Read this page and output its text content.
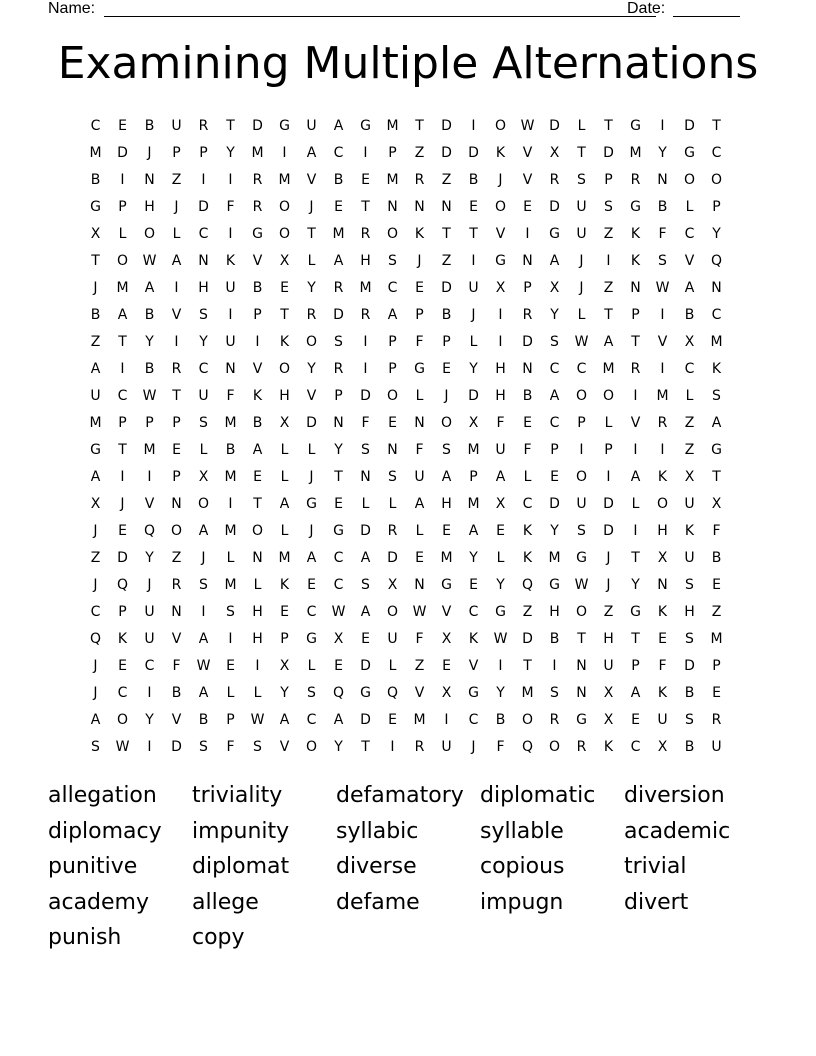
Name:	Date:
Examining Multiple Alternations
C	E	B	U	R	T	D	G	U	A	G	M	T	D	I	O	W	D	L	T	G	I	D	T
M	D	J	P	P	Y	M	I	A	C	I	P	Z	D	D	K	V	X	T	D	M	Y	G	C
B	I	N	Z	I	I	R	M	V	B	E	M	R	Z	B	J	V	R	S	P	R	N	O	O
G	P	H	J	D	F	R	O	J	E	T	N	N	N	E	O	E	D	U	S	G	B	L	P
X	L	O	L	C	I	G	O	T	M	R	O	K	T	T	V	I	G	U	Z	K	F	C	Y
T	O	W	A	N	K	V	X	L	A	H	S	J	Z	I	G	N	A	J	I	K	S	V	Q
J	M	A	I	H	U	B	E	Y	R	M	C	E	D	U	X	P	X	J	Z	N	W	A	N
B	A	B	V	S	I	P	T	R	D	R	A	P	B	J	I	R	Y	L	T	P	I	B	C
Z	T	Y	I	Y	U	I	K	O	S	I	P	F	P	L	I	D	S	W	A	T	V	X	M
A	I	B	R	C	N	V	O	Y	R	I	P	G	E	Y	H	N	C	C	M	R	I	C	K
U	C	W	T	U	F	K	H	V	P	D	O	L	J	D	H	B	A	O	O	I	M	L	S
M	P	P	P	S	M	B	X	D	N	F	E	N	O	X	F	E	C	P	L	V	R	Z	A
G	T	M	E	L	B	A	L	L	Y	S	N	F	S	M	U	F	P	I	P	I	I	Z	G
A	I	I	P	X	M	E	L	J	T	N	S	U	A	P	A	L	E	O	I	A	K	X	T
X	J	V	N	O	I	T	A	G	E	L	L	A	H	M	X	C	D	U	D	L	O	U	X
J	E	Q	O	A	M	O	L	J	G	D	R	L	E	A	E	K	Y	S	D	I	H	K	F
Z	D	Y	Z	J	L	N	M	A	C	A	D	E	M	Y	L	K	M	G	J	T	X	U	B
J	Q	J	R	S	M	L	K	E	C	S	X	N	G	E	Y	Q	G	W	J	Y	N	S	E
C	P	U	N	I	S	H	E	C	W	A	O	W	V	C	G	Z	H	O	Z	G	K	H	Z
Q	K	U	V	A	I	H	P	G	X	E	U	F	X	K	W	D	B	T	H	T	E	S	M
J	E	C	F	W	E	I	X	L	E	D	L	Z	E	V	I	T	I	N	U	P	F	D	P
J	C	I	B	A	L	L	Y	S	Q	G	Q	V	X	G	Y	M	S	N	X	A	K	B	E
A	O	Y	V	B	P	W	A	C	A	D	E	M	I	C	B	O	R	G	X	E	U	S	R
S	W	I	D	S	F	S	V	O	Y	T	I	R	U	J	F	Q	O	R	K	C	X	B	U
allegation	triviality	defamatory diplomatic	diversion
diplomacy	impunity	syllabic	syllable	academic
punitive	diplomat	diverse	copious	trivial
academy	allege	defame	impugn	divert
punish	copy
